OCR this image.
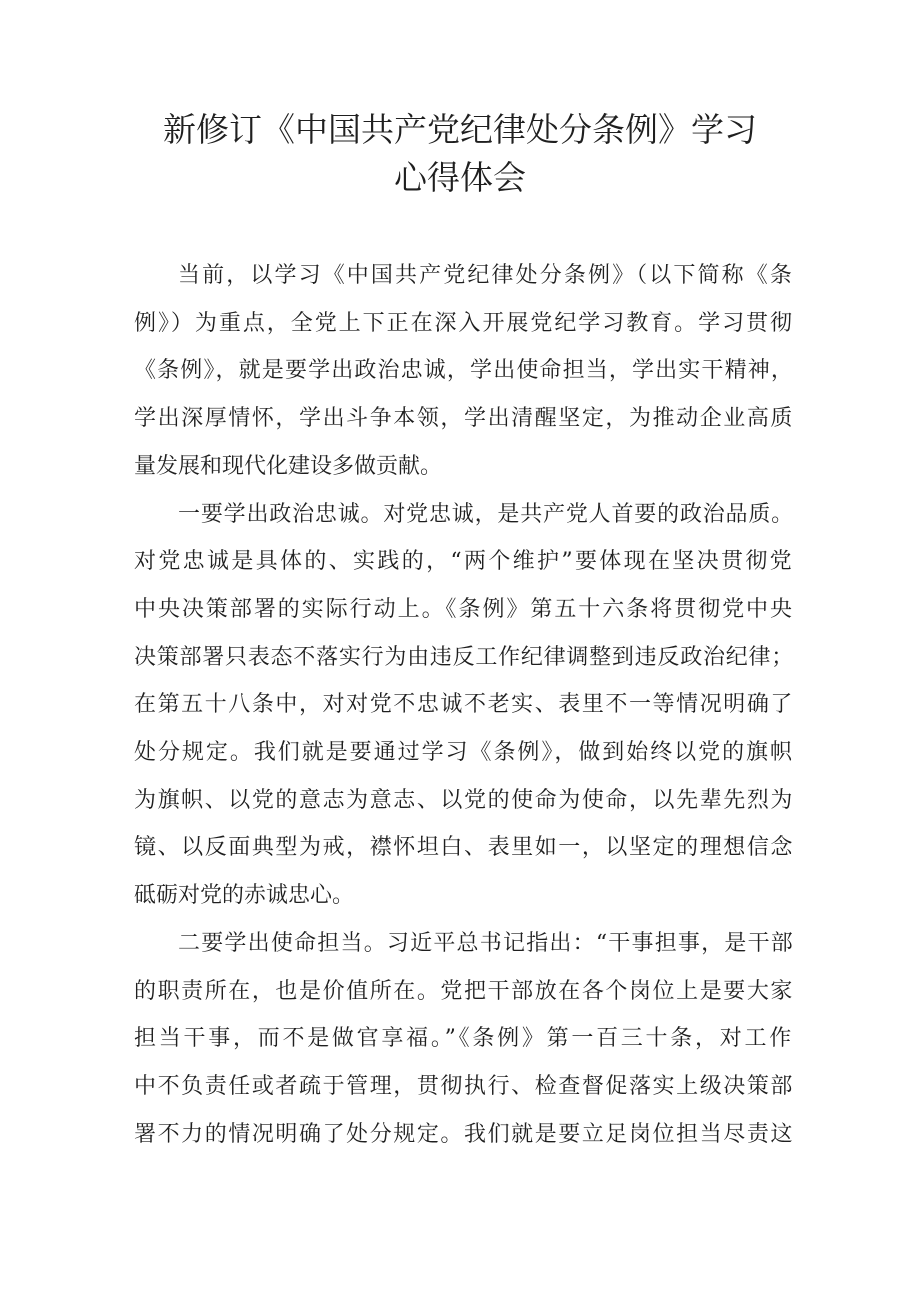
新修订《中国共产党纪律处分条例》学习
心得体会

当前，以学习《中国共产党纪律处分条例》（以下简称《条
例》）为重点，全党上下正在深入开展党纪学习教育。学习贯彻
《条例》，就是要学出政治忠诚，学出使命担当，学出实干精神，
学出深厚情怀，学出斗争本领，学出清醒坚定，为推动企业高质
量发展和现代化建设多做贡献。

一要学出政治忠诚。对党忠诚，是共产党人首要的政治品质。
对党忠诚是具体的、实践的，“两个维护”要体现在坚决贯彻党
中央决策部署的实际行动上。《条例》第五十六条将贯彻党中央
决策部署只表态不落实行为由违反工作纪律调整到违反政治纪律；
在第五十八条中，对对党不忠诚不老实、表里不一等情况明确了
处分规定。我们就是要通过学习《条例》，做到始终以党的旗帜
为旗帜、以党的意志为意志、以党的使命为使命，以先辈先烈为
镜、以反面典型为戒，襟怀坦白、表里如一，以坚定的理想信念
砥砺对党的赤诚忠心。

二要学出使命担当。习近平总书记指出：“干事担事，是干部
的职责所在，也是价值所在。党把干部放在各个岗位上是要大家
担当干事，而不是做官享福。”《条例》第一百三十条，对工作
中不负责任或者疏于管理，贯彻执行、检查督促落实上级决策部
署不力的情况明确了处分规定。我们就是要立足岗位担当尽责这
